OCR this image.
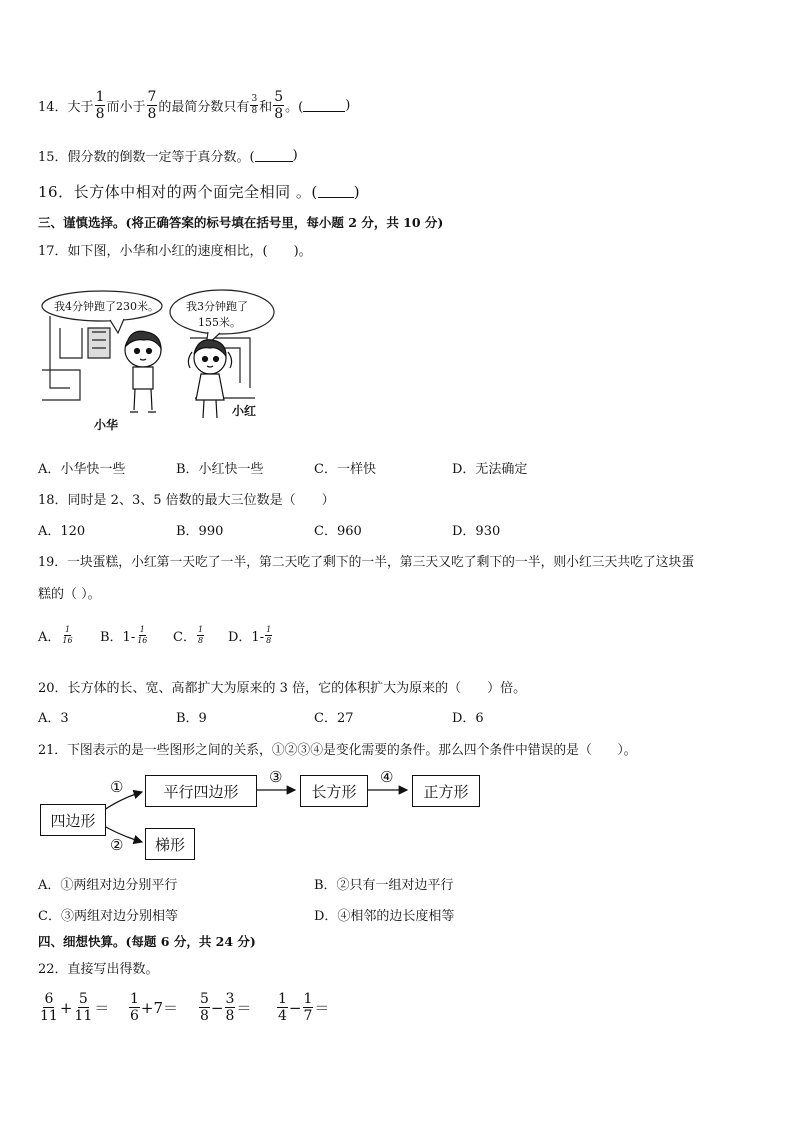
14． 大于 $\frac{1}{8}$ 而小于 $\frac{7}{8}$ 的最简分数只有 $\frac{3}{8}$ 和 $\frac{5}{8}$ 。(	)
15．假分数的倒数一定等于真分数。(	)
16．长方体中相对的两个面完全相同 。( )
三、谨慎选择。(将正确答案的标号填在括号里，每小题 2 分，共 10 分)
17．如下图，小华和小红的速度相比，(　　)。
我4分钟跑了230米。 我3分钟跑了
155米。
小华
小红
A．小华快一些	B．小红快一些	C．一样快	D．无法确定
18．同时是 2、3、5 倍数的最大三位数是（　　）
A．120	B．990	C．960	D．930
19．一块蛋糕，小红第一天吃了一半，第二天吃了剩下的一半，第三天又吃了剩下的一半，则小红三天共吃了这块蛋
糕的（ ）。
A． $\frac{1}{16}$ B．$1- \frac{1}{16}$ C． $\frac{1}{8}$ D．$1- \frac{1}{8}$
20．长方体的长、宽、高都扩大为原来的 3 倍，它的体积扩大为原来的（　　）倍。
A．3	B．9	C．27	D．6
21．下图表示的是一些图形之间的关系，①②③④是变化需要的条件。那么四个条件中错误的是（　　）。
四边形
平行四边形	长方形	正方形
梯形
①
②
③	④
A．①两组对边分别平行	B．②只有一组对边平行
C．③两组对边分别相等	D．④相邻的边长度相等
四、细想快算。(每题 6 分，共 24 分)
22．直接写出得数。
$\frac{6}{11} + \frac{5}{11} = \frac{1}{6} +7 = \frac{5}{8} - \frac{3}{8} = \frac{1}{4} - \frac{1}{7}$ ＝
